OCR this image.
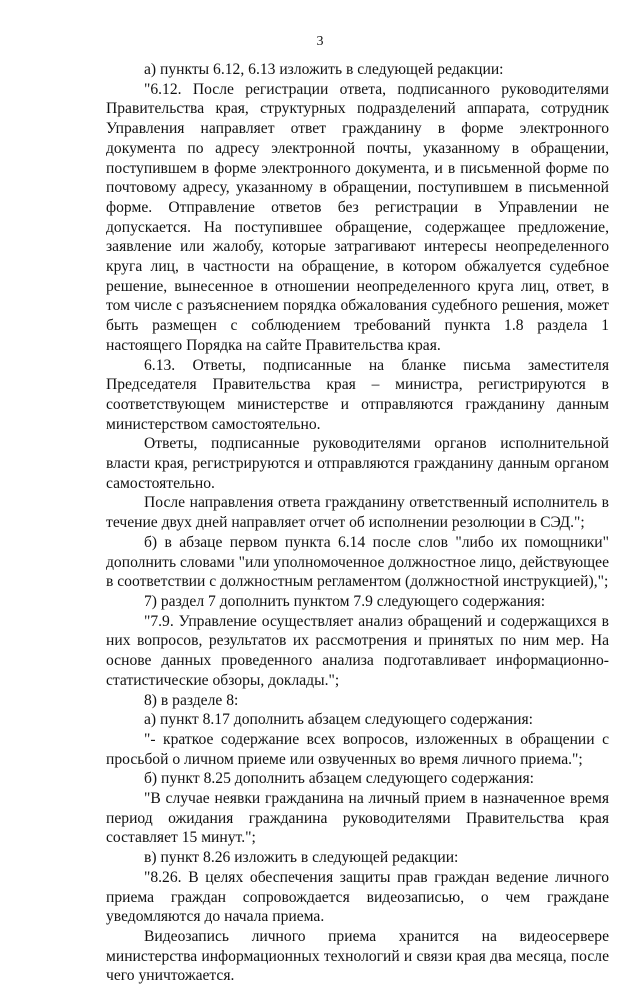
3

а) пункты 6.12, 6.13 изложить в следующей редакции:

"6.12. После регистрации ответа, подписанного руководителями Правительства края, структурных подразделений аппарата, сотрудник Управления направляет ответ гражданину в форме электронного документа по адресу электронной почты, указанному в обращении, поступившем в форме электронного документа, и в письменной форме по почтовому адресу, указанному в обращении, поступившем в письменной форме. Отправление ответов без регистрации в Управлении не допускается. На поступившее обращение, содержащее предложение, заявление или жалобу, которые затрагивают интересы неопределенного круга лиц, в частности на обращение, в котором обжалуется судебное решение, вынесенное в отношении неопределенного круга лиц, ответ, в том числе с разъяснением порядка обжалования судебного решения, может быть размещен с соблюдением требований пункта 1.8 раздела 1 настоящего Порядка на сайте Правительства края.

6.13. Ответы, подписанные на бланке письма заместителя Председателя Правительства края – министра, регистрируются в соответствующем министерстве и отправляются гражданину данным министерством самостоятельно.

Ответы, подписанные руководителями органов исполнительной власти края, регистрируются и отправляются гражданину данным органом самостоятельно.

После направления ответа гражданину ответственный исполнитель в течение двух дней направляет отчет об исполнении резолюции в СЭД.";

б) в абзаце первом пункта 6.14 после слов "либо их помощники" дополнить словами "или уполномоченное должностное лицо, действующее в соответствии с должностным регламентом (должностной инструкцией),";

7) раздел 7 дополнить пунктом 7.9 следующего содержания:

"7.9. Управление осуществляет анализ обращений и содержащихся в них вопросов, результатов их рассмотрения и принятых по ним мер. На основе данных проведенного анализа подготавливает информационно-статистические обзоры, доклады.";

8) в разделе 8:

а) пункт 8.17 дополнить абзацем следующего содержания:

"- краткое содержание всех вопросов, изложенных в обращении с просьбой о личном приеме или озвученных во время личного приема.";

б) пункт 8.25 дополнить абзацем следующего содержания:

"В случае неявки гражданина на личный прием в назначенное время период ожидания гражданина руководителями Правительства края составляет 15 минут.";

в) пункт 8.26 изложить в следующей редакции:

"8.26. В целях обеспечения защиты прав граждан ведение личного приема граждан сопровождается видеозаписью, о чем граждане уведомляются до начала приема.

Видеозапись личного приема хранится на видеосервере министерства информационных технологий и связи края два месяца, после чего уничтожается.
